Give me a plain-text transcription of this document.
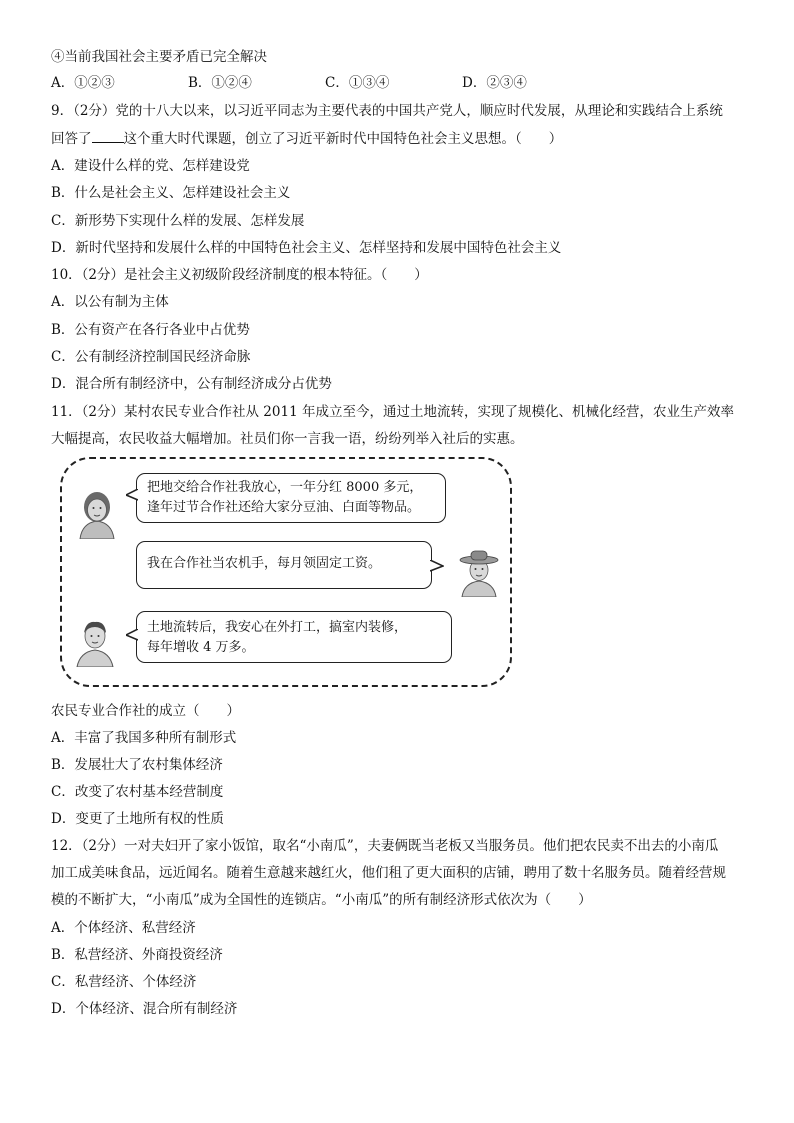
④当前我国社会主要矛盾已完全解决
A．①②③	B．①②④	C．①③④	D．②③④
9．（2分）党的十八大以来，以习近平同志为主要代表的中国共产党人，顺应时代发展，从理论和实践结合上系统
回答了 这个重大时代课题，创立了习近平新时代中国特色社会主义思想。（　　）
A．建设什么样的党、怎样建设党
B．什么是社会主义、怎样建设社会主义
C．新形势下实现什么样的发展、怎样发展
D．新时代坚持和发展什么样的中国特色社会主义、怎样坚持和发展中国特色社会主义
10．（2分）是社会主义初级阶段经济制度的根本特征。（　　）
A．以公有制为主体
B．公有资产在各行各业中占优势
C．公有制经济控制国民经济命脉
D．混合所有制经济中，公有制经济成分占优势
11．（2分）某村农民专业合作社从 2011 年成立至今，通过土地流转，实现了规模化、机械化经营，农业生产效率
大幅提高，农民收益大幅增加。社员们你一言我一语，纷纷列举入社后的实惠。
把地交给合作社我放心，一年分红 8000 多元，
逢年过节合作社还给大家分豆油、白面等物品。
我在合作社当农机手，每月领固定工资。
土地流转后，我安心在外打工，搞室内装修，
每年增收 4 万多。
农民专业合作社的成立（　　）
A．丰富了我国多种所有制形式
B．发展壮大了农村集体经济
C．改变了农村基本经营制度
D．变更了土地所有权的性质
12．（2分）一对夫妇开了家小饭馆，取名“小南瓜”，夫妻俩既当老板又当服务员。他们把农民卖不出去的小南瓜
加工成美味食品，远近闻名。随着生意越来越红火，他们租了更大面积的店铺，聘用了数十名服务员。随着经营规
模的不断扩大，“小南瓜”成为全国性的连锁店。“小南瓜”的所有制经济形式依次为（　　）
A．个体经济、私营经济
B．私营经济、外商投资经济
C．私营经济、个体经济
D．个体经济、混合所有制经济
